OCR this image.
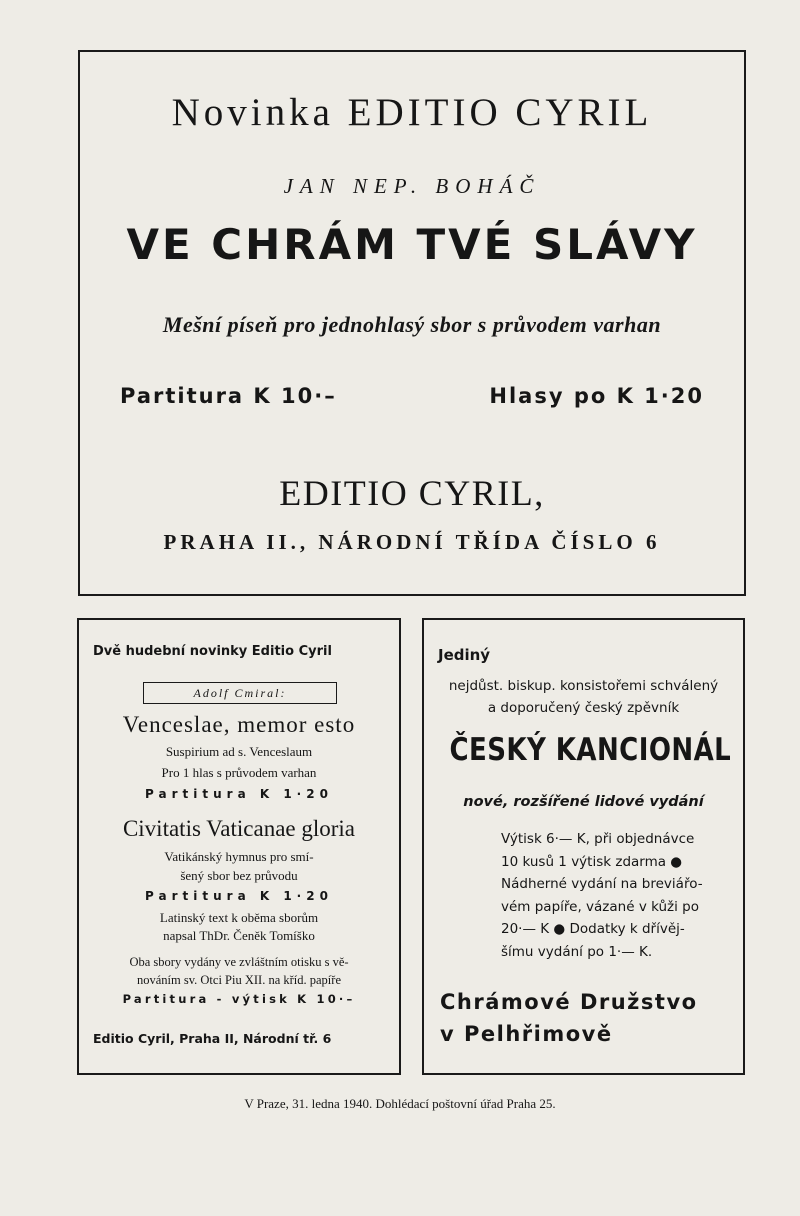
Novinka EDITIO CYRIL
JAN NEP. BOHÁČ
VE CHRÁM TVÉ SLÁVY
Mešní píseň pro jednohlasý sbor s průvodem varhan
Partitura K 10·–	Hlasy po K 1·20
EDITIO CYRIL,
PRAHA II., NÁRODNÍ TŘÍDA ČÍSLO 6
Dvě hudební novinky Editio Cyril
Adolf Cmiral:
Venceslae, memor esto
Suspirium ad s. Venceslaum
Pro 1 hlas s průvodem varhan
Partitura K 1·20
Civitatis Vaticanae gloria
Vatikánský hymnus pro smí-
šený sbor bez průvodu
Partitura K 1·20
Latinský text k oběma sborům
napsal ThDr. Čeněk Tomíško
Oba sbory vydány ve zvláštním otisku s vě-
nováním sv. Otci Piu XII. na kříd. papíře
Partitura - výtisk K 10·–
Editio Cyril, Praha II, Národní tř. 6
Jediný
nejdůst. biskup. konsistořemi schválený
a doporučený český zpěvník
ČESKÝ KANCIONÁL
nové, rozšířené lidové vydání
Výtisk 6·— K, při objednávce
10 kusů 1 výtisk zdarma ●
Nádherné vydání na breviářo-
vém papíře, vázané v kůži po
20·— K ● Dodatky k dřívěj-
šímu vydání po 1·— K.
Chrámové Družstvo
v Pelhřimově
V Praze, 31. ledna 1940. Dohlédací poštovní úřad Praha 25.
